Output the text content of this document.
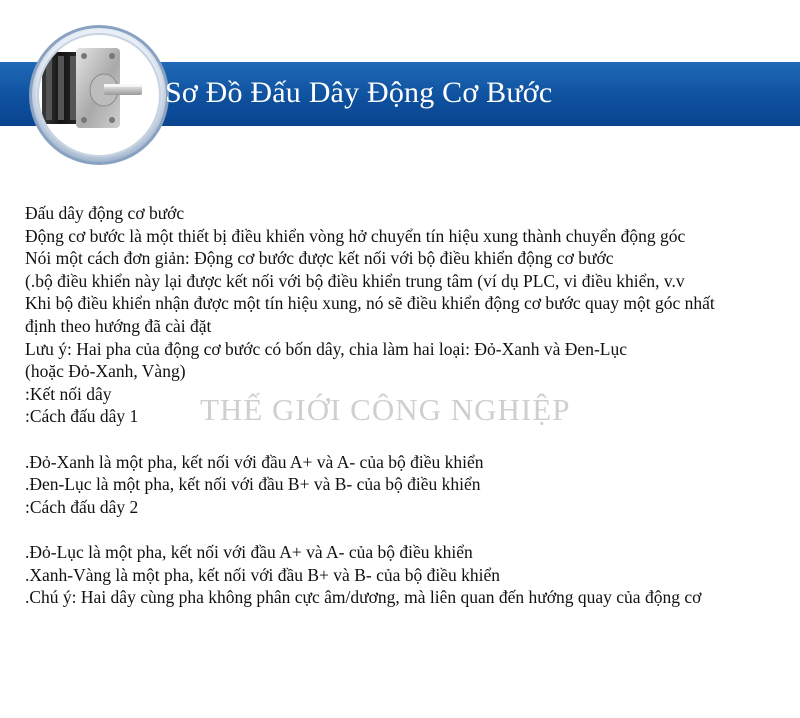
Sơ Đồ Đấu Dây Động Cơ Bước
THẾ GIỚI CÔNG NGHIỆP
Đấu dây động cơ bước
Động cơ bước là một thiết bị điều khiển vòng hở chuyển tín hiệu xung thành chuyển động góc
Nói một cách đơn giản: Động cơ bước được kết nối với bộ điều khiển động cơ bước
(.bộ điều khiển này lại được kết nối với bộ điều khiển trung tâm (ví dụ PLC, vi điều khiển, v.v
Khi bộ điều khiển nhận được một tín hiệu xung, nó sẽ điều khiển động cơ bước quay một góc nhất
định theo hướng đã cài đặt
Lưu ý: Hai pha của động cơ bước có bốn dây, chia làm hai loại: Đỏ-Xanh và Đen-Lục
(hoặc Đỏ-Xanh, Vàng)
:Kết nối dây
:Cách đấu dây 1
.Đỏ-Xanh là một pha, kết nối với đầu A+ và A- của bộ điều khiển
.Đen-Lục là một pha, kết nối với đầu B+ và B- của bộ điều khiển
:Cách đấu dây 2
.Đỏ-Lục là một pha, kết nối với đầu A+ và A- của bộ điều khiển
.Xanh-Vàng là một pha, kết nối với đầu B+ và B- của bộ điều khiển
.Chú ý: Hai dây cùng pha không phân cực âm/dương, mà liên quan đến hướng quay của động cơ
